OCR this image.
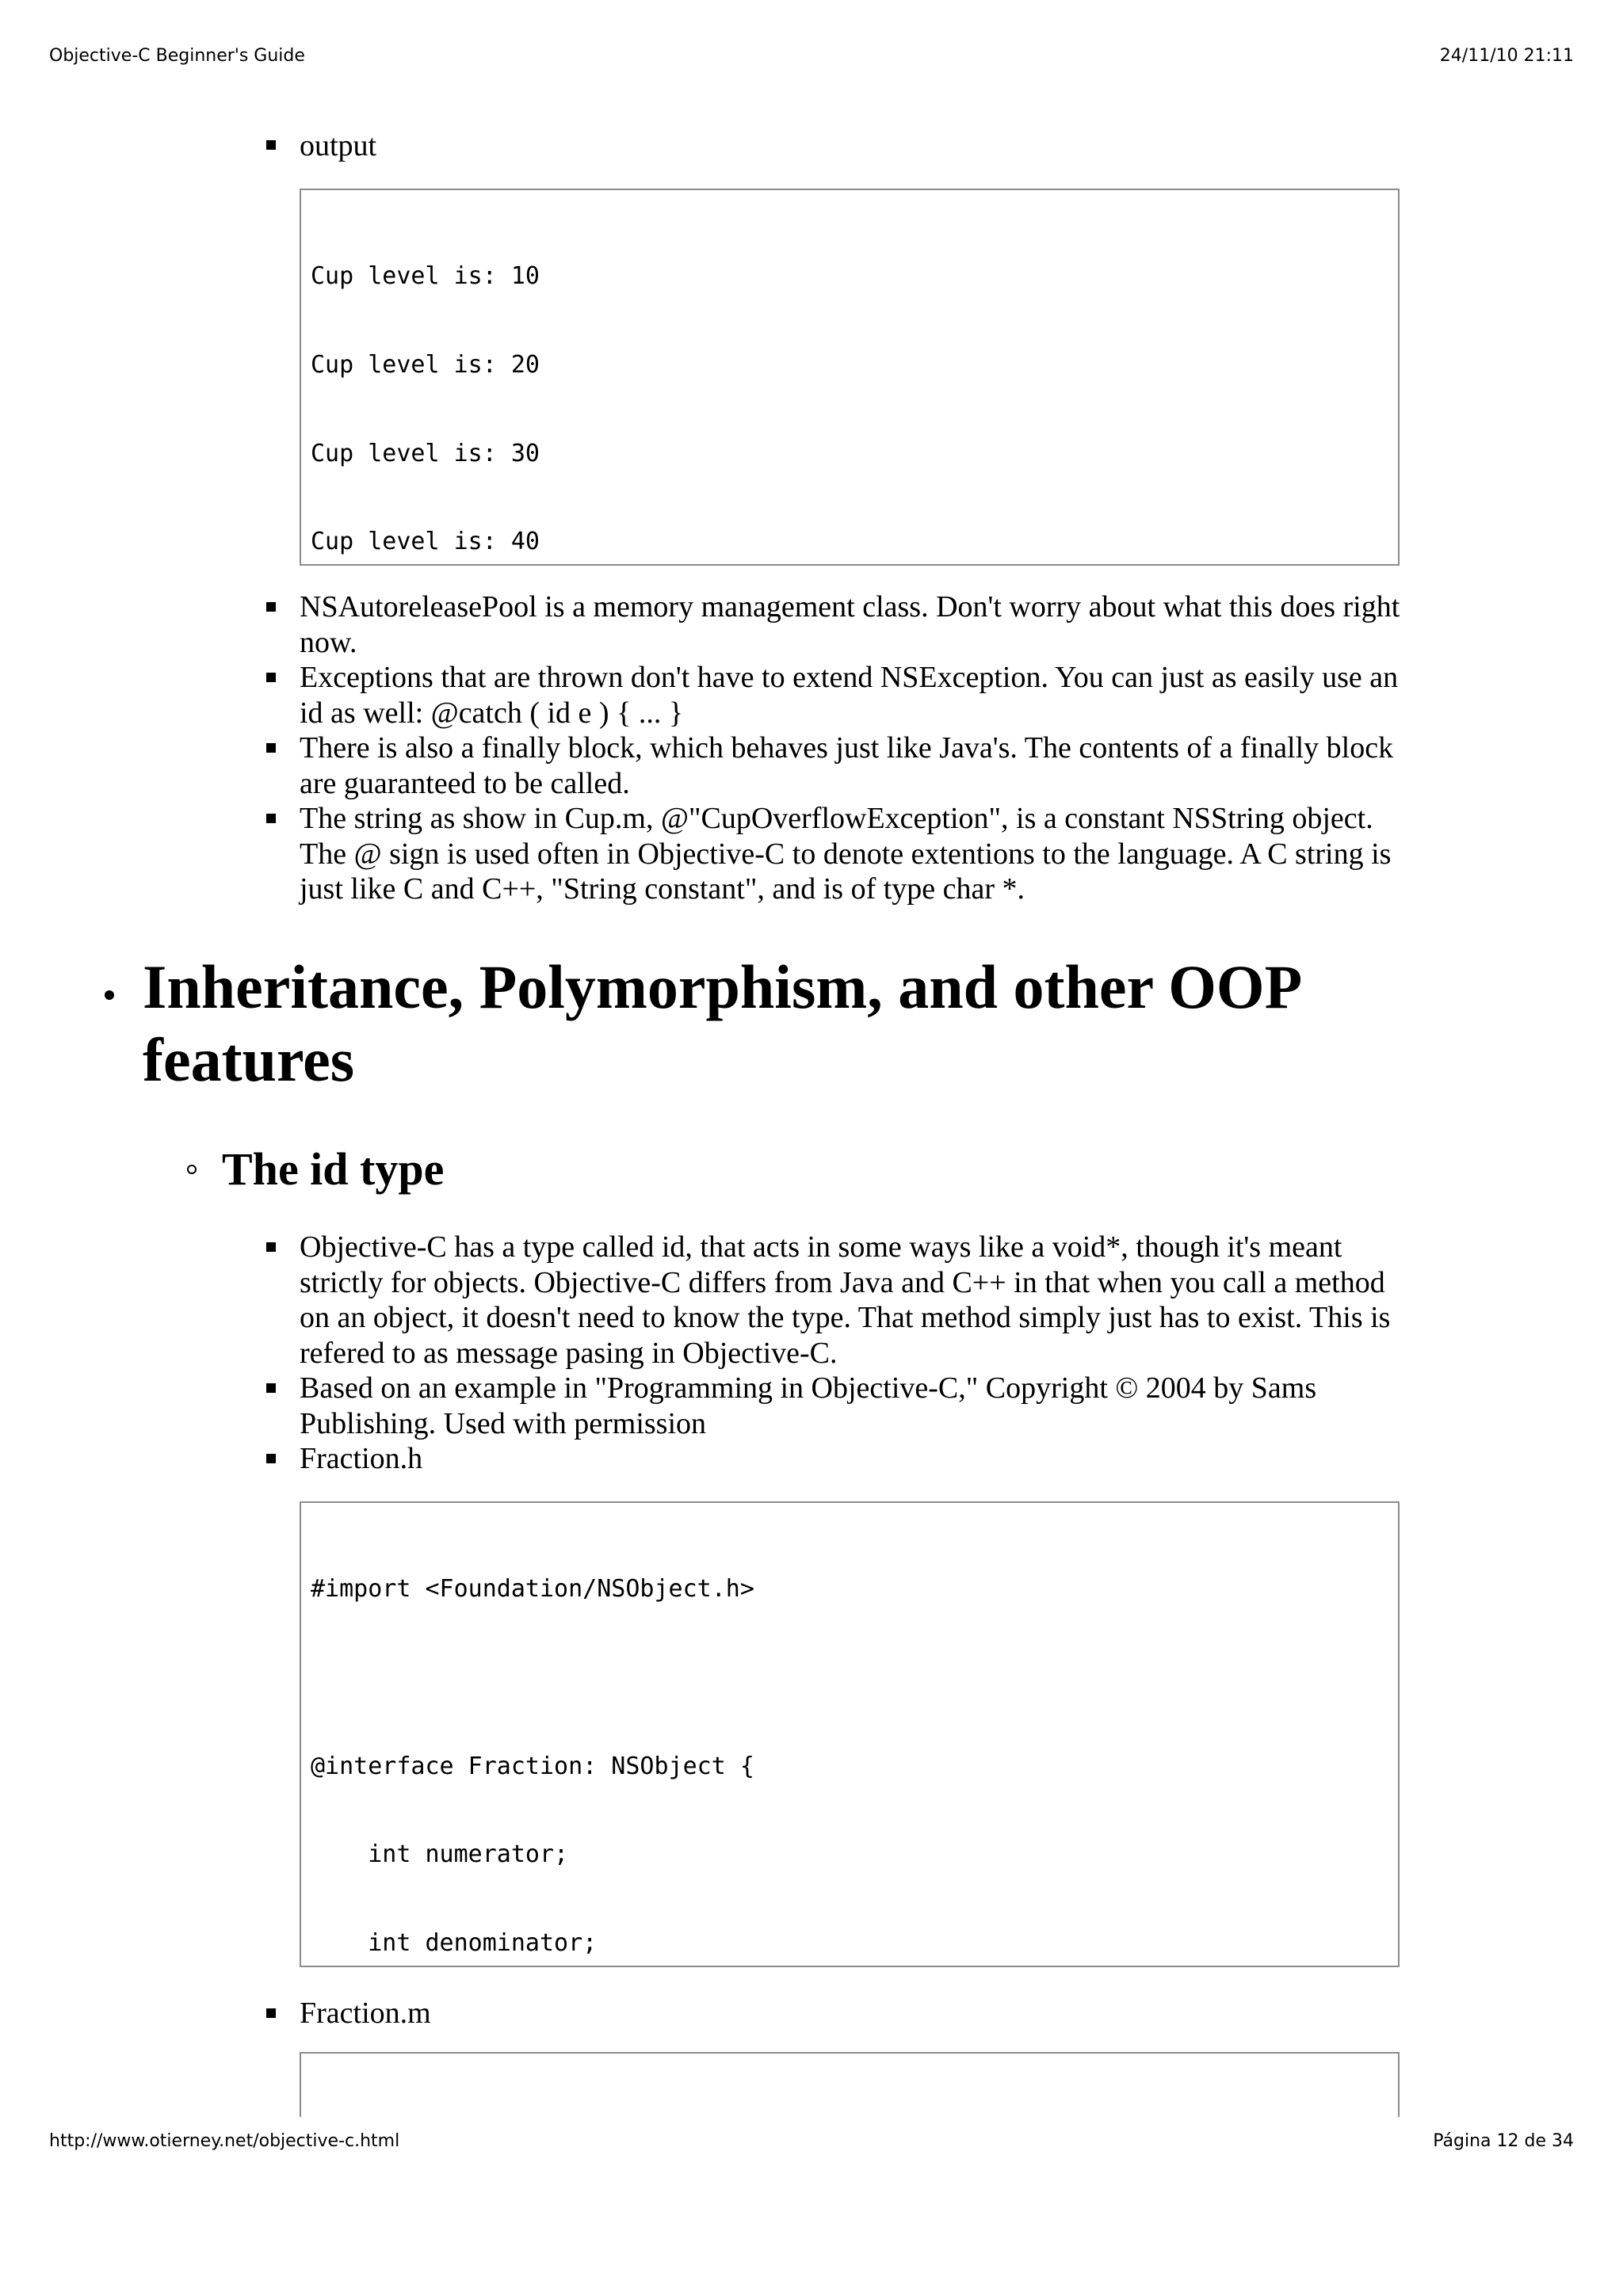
Objective-C Beginner's Guide	24/11/10 21:11
output

Cup level is: 10

Cup level is: 20

Cup level is: 30

Cup level is: 40

NSAutoreleasePool is a memory management class. Don't worry about what this does right now.
Exceptions that are thrown don't have to extend NSException. You can just as easily use an id as well: @catch ( id e ) { ... }
There is also a finally block, which behaves just like Java's. The contents of a finally block are guaranteed to be called.
The string as show in Cup.m, @"CupOverflowException", is a constant NSString object. The @ sign is used often in Objective-C to denote extentions to the language. A C string is just like C and C++, "String constant", and is of type char *.
Inheritance, Polymorphism, and other OOP features
The id type
Objective-C has a type called id, that acts in some ways like a void*, though it's meant strictly for objects. Objective-C differs from Java and C++ in that when you call a method on an object, it doesn't need to know the type. That method simply just has to exist. This is refered to as message pasing in Objective-C.
Based on an example in "Programming in Objective-C," Copyright © 2004 by Sams Publishing. Used with permission
Fraction.h

#import <Foundation/NSObject.h>

@interface Fraction: NSObject {

int numerator;

int denominator;

Fraction.m

http://www.otierney.net/objective-c.html	Página 12 de 34
